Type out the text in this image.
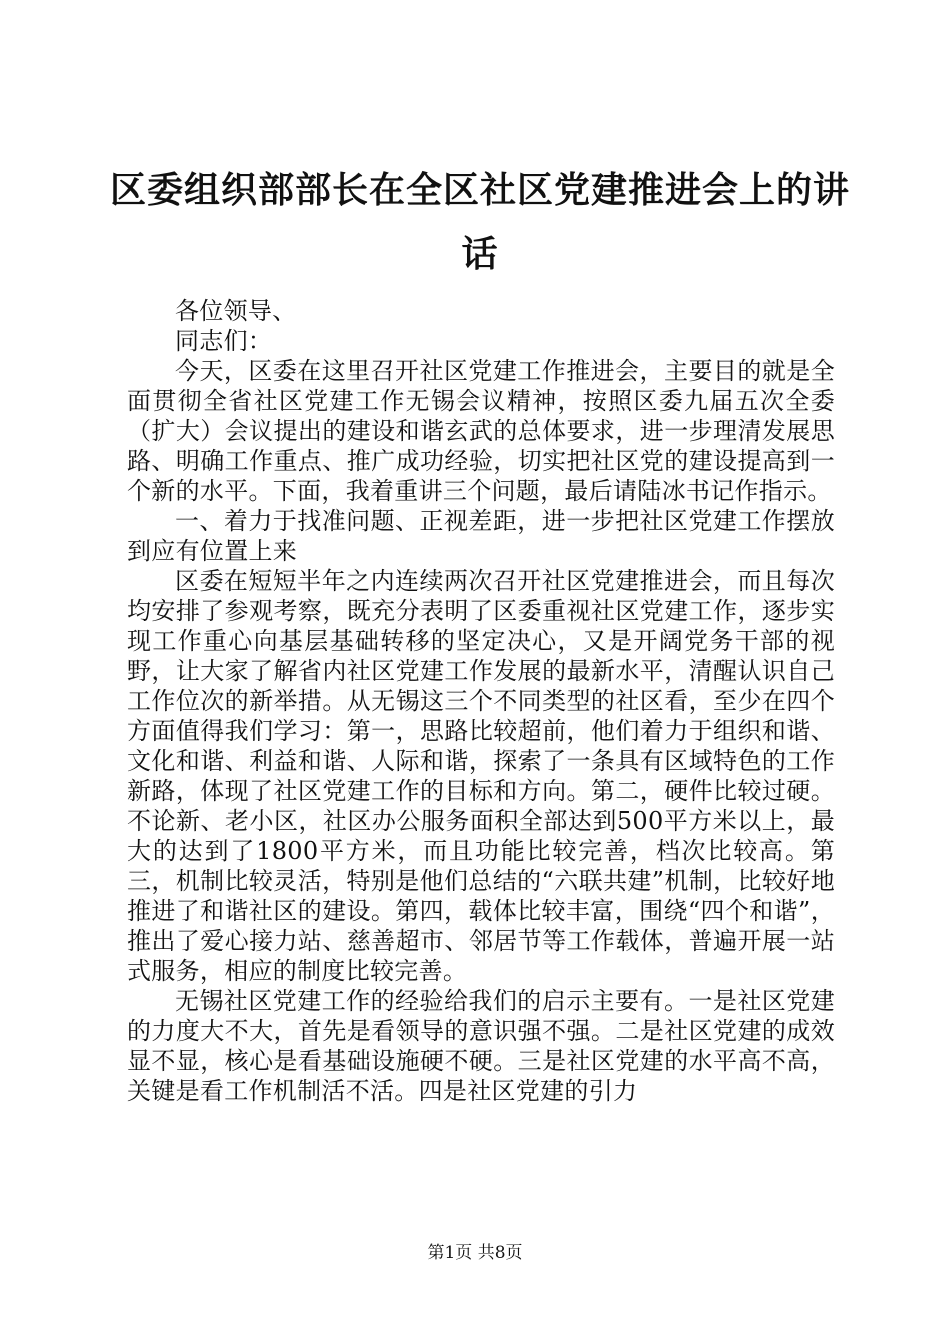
区委组织部部长在全区社区党建推进会上的讲话

各位领导、

同志们：

今天，区委在这里召开社区党建工作推进会，主要目的就是全面贯彻全省社区党建工作无锡会议精神，按照区委九届五次全委（扩大）会议提出的建设和谐玄武的总体要求，进一步理清发展思路、明确工作重点、推广成功经验，切实把社区党的建设提高到一个新的水平。下面，我着重讲三个问题，最后请陆冰书记作指示。

一、着力于找准问题、正视差距，进一步把社区党建工作摆放到应有位置上来

区委在短短半年之内连续两次召开社区党建推进会，而且每次均安排了参观考察，既充分表明了区委重视社区党建工作，逐步实现工作重心向基层基础转移的坚定决心，又是开阔党务干部的视野，让大家了解省内社区党建工作发展的最新水平，清醒认识自己工作位次的新举措。从无锡这三个不同类型的社区看，至少在四个方面值得我们学习：第一，思路比较超前，他们着力于组织和谐、文化和谐、利益和谐、人际和谐，探索了一条具有区域特色的工作新路，体现了社区党建工作的目标和方向。第二，硬件比较过硬。不论新、老小区，社区办公服务面积全部达到500平方米以上，最大的达到了1800平方米，而且功能比较完善，档次比较高。第三，机制比较灵活，特别是他们总结的“六联共建”机制，比较好地推进了和谐社区的建设。第四，载体比较丰富，围绕“四个和谐”，推出了爱心接力站、慈善超市、邻居节等工作载体，普遍开展一站式服务，相应的制度比较完善。

无锡社区党建工作的经验给我们的启示主要有。一是社区党建的力度大不大，首先是看领导的意识强不强。二是社区党建的成效显不显，核心是看基础设施硬不硬。三是社区党建的水平高不高，关键是看工作机制活不活。四是社区党建的引力

第1页 共8页
